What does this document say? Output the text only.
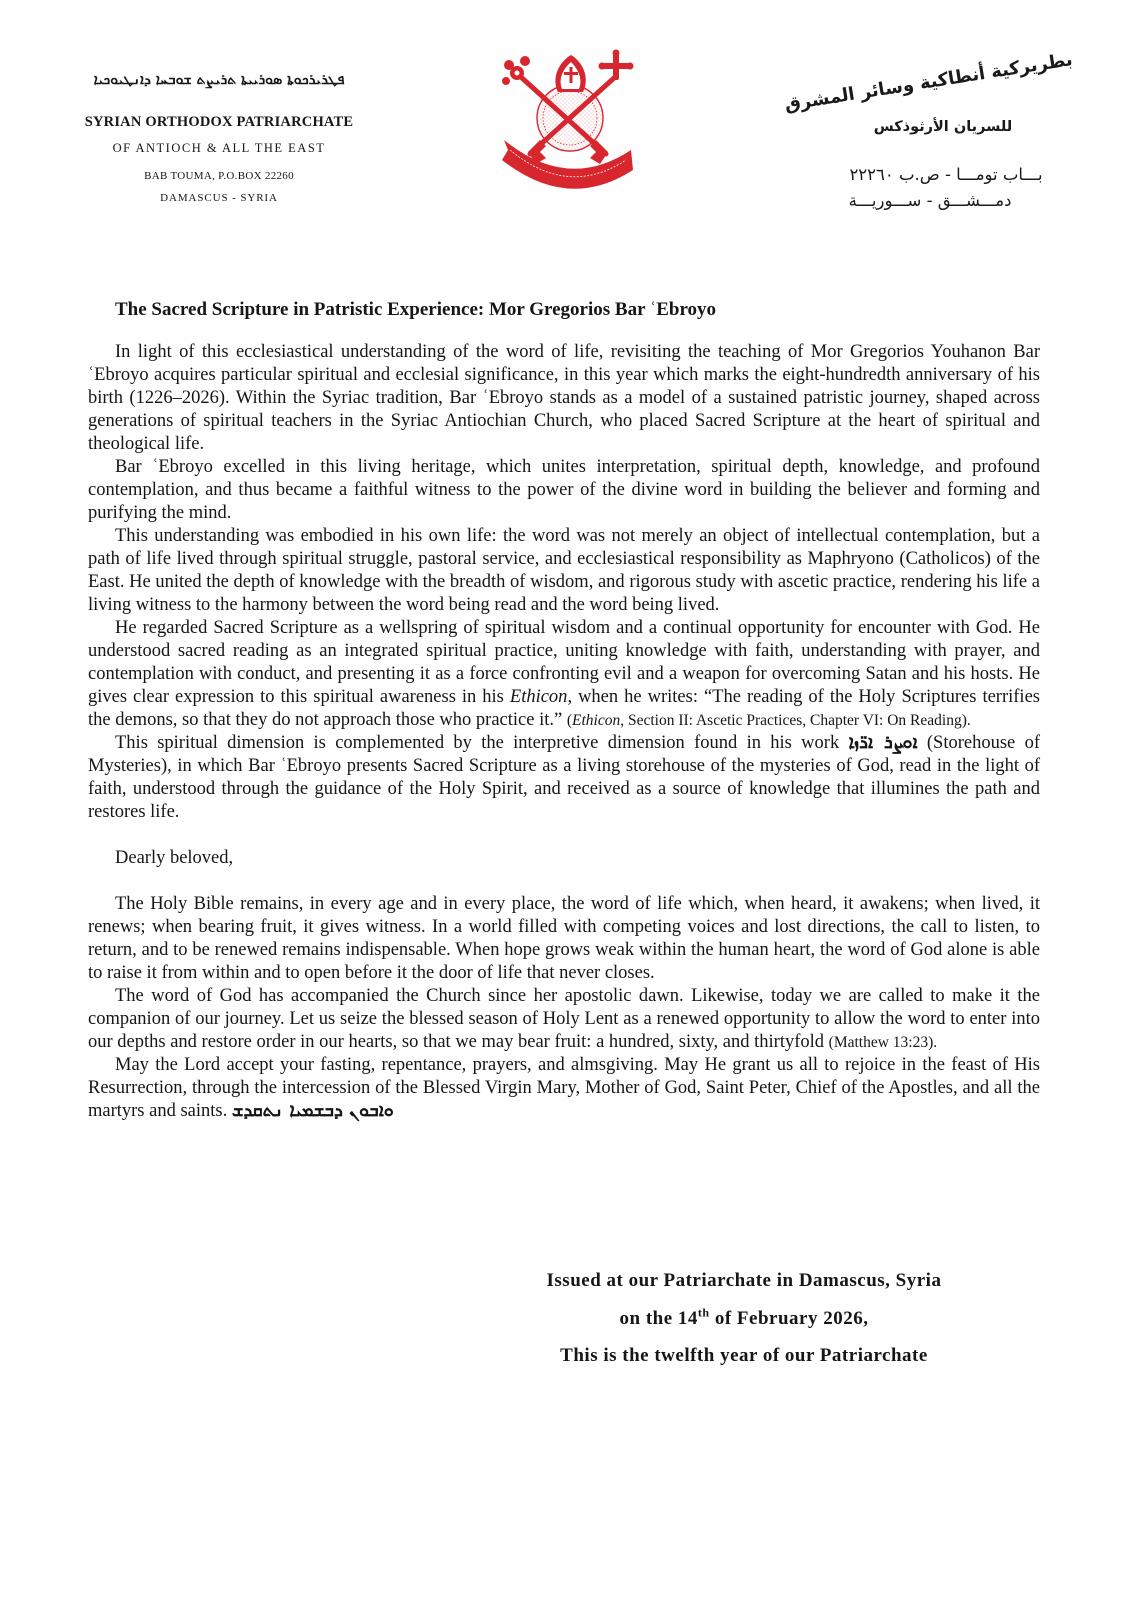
ܦܛܪܝܪܟܘܬܐ ܣܘܪܝܝܬܐ ܬܪܝܨܬ ܫܘܒܚܐ ܕܐܢܛܝܘܟܝܐ
SYRIAN ORTHODOX PATRIARCHATE
OF ANTIOCH & ALL THE EAST
BAB TOUMA, P.O.BOX 22260
DAMASCUS - SYRIA
بطريركية أنطاكية وسائر المشرق
للسريان الأرثوذكس
بـــاب تومـــا - ص.ب ٢٢٢٦٠
دمـــشـــق - ســـوريـــة
The Sacred Scripture in Patristic Experience: Mor Gregorios Bar ʿEbroyo

In light of this ecclesiastical understanding of the word of life, revisiting the teaching of Mor Gregorios Youhanon Bar ʿEbroyo acquires particular spiritual and ecclesial significance, in this year which marks the eight-hundredth anniversary of his birth (1226–2026). Within the Syriac tradition, Bar ʿEbroyo stands as a model of a sustained patristic journey, shaped across generations of spiritual teachers in the Syriac Antiochian Church, who placed Sacred Scripture at the heart of spiritual and theological life.

Bar ʿEbroyo excelled in this living heritage, which unites interpretation, spiritual depth, knowledge, and profound contemplation, and thus became a faithful witness to the power of the divine word in building the believer and forming and purifying the mind.

This understanding was embodied in his own life: the word was not merely an object of intellectual contemplation, but a path of life lived through spiritual struggle, pastoral service, and ecclesiastical responsibility as Maphryono (Catholicos) of the East. He united the depth of knowledge with the breadth of wisdom, and rigorous study with ascetic practice, rendering his life a living witness to the harmony between the word being read and the word being lived.

He regarded Sacred Scripture as a wellspring of spiritual wisdom and a continual opportunity for encounter with God. He understood sacred reading as an integrated spiritual practice, uniting knowledge with faith, understanding with prayer, and contemplation with conduct, and presenting it as a force confronting evil and a weapon for overcoming Satan and his hosts. He gives clear expression to this spiritual awareness in his Ethicon, when he writes: “The reading of the Holy Scriptures terrifies the demons, so that they do not approach those who practice it.” (Ethicon, Section II: Ascetic Practices, Chapter VI: On Reading).

This spiritual dimension is complemented by the interpretive dimension found in his work ܐܘܨܪ ܐܪ̈ܙܐ (Storehouse of Mysteries), in which Bar ʿEbroyo presents Sacred Scripture as a living storehouse of the mysteries of God, read in the light of faith, understood through the guidance of the Holy Spirit, and received as a source of knowledge that illumines the path and restores life.

Dearly beloved,

The Holy Bible remains, in every age and in every place, the word of life which, when heard, it awakens; when lived, it renews; when bearing fruit, it gives witness. In a world filled with competing voices and lost directions, the call to listen, to return, and to be renewed remains indispensable. When hope grows weak within the human heart, the word of God alone is able to raise it from within and to open before it the door of life that never closes.

The word of God has accompanied the Church since her apostolic dawn. Likewise, today we are called to make it the companion of our journey. Let us seize the blessed season of Holy Lent as a renewed opportunity to allow the word to enter into our depths and restore order in our hearts, so that we may bear fruit: a hundred, sixty, and thirtyfold (Matthew 13:23).

May the Lord accept your fasting, repentance, prayers, and almsgiving. May He grant us all to rejoice in the feast of His Resurrection, through the intercession of the Blessed Virgin Mary, Mother of God, Saint Peter, Chief of the Apostles, and all the martyrs and saints. ܘܐܒܘܢ ܕܒܫܡܝܐ ܢܬܩܕܫ

Issued at our Patriarchate in Damascus, Syria
on the 14th of February 2026,
This is the twelfth year of our Patriarchate
